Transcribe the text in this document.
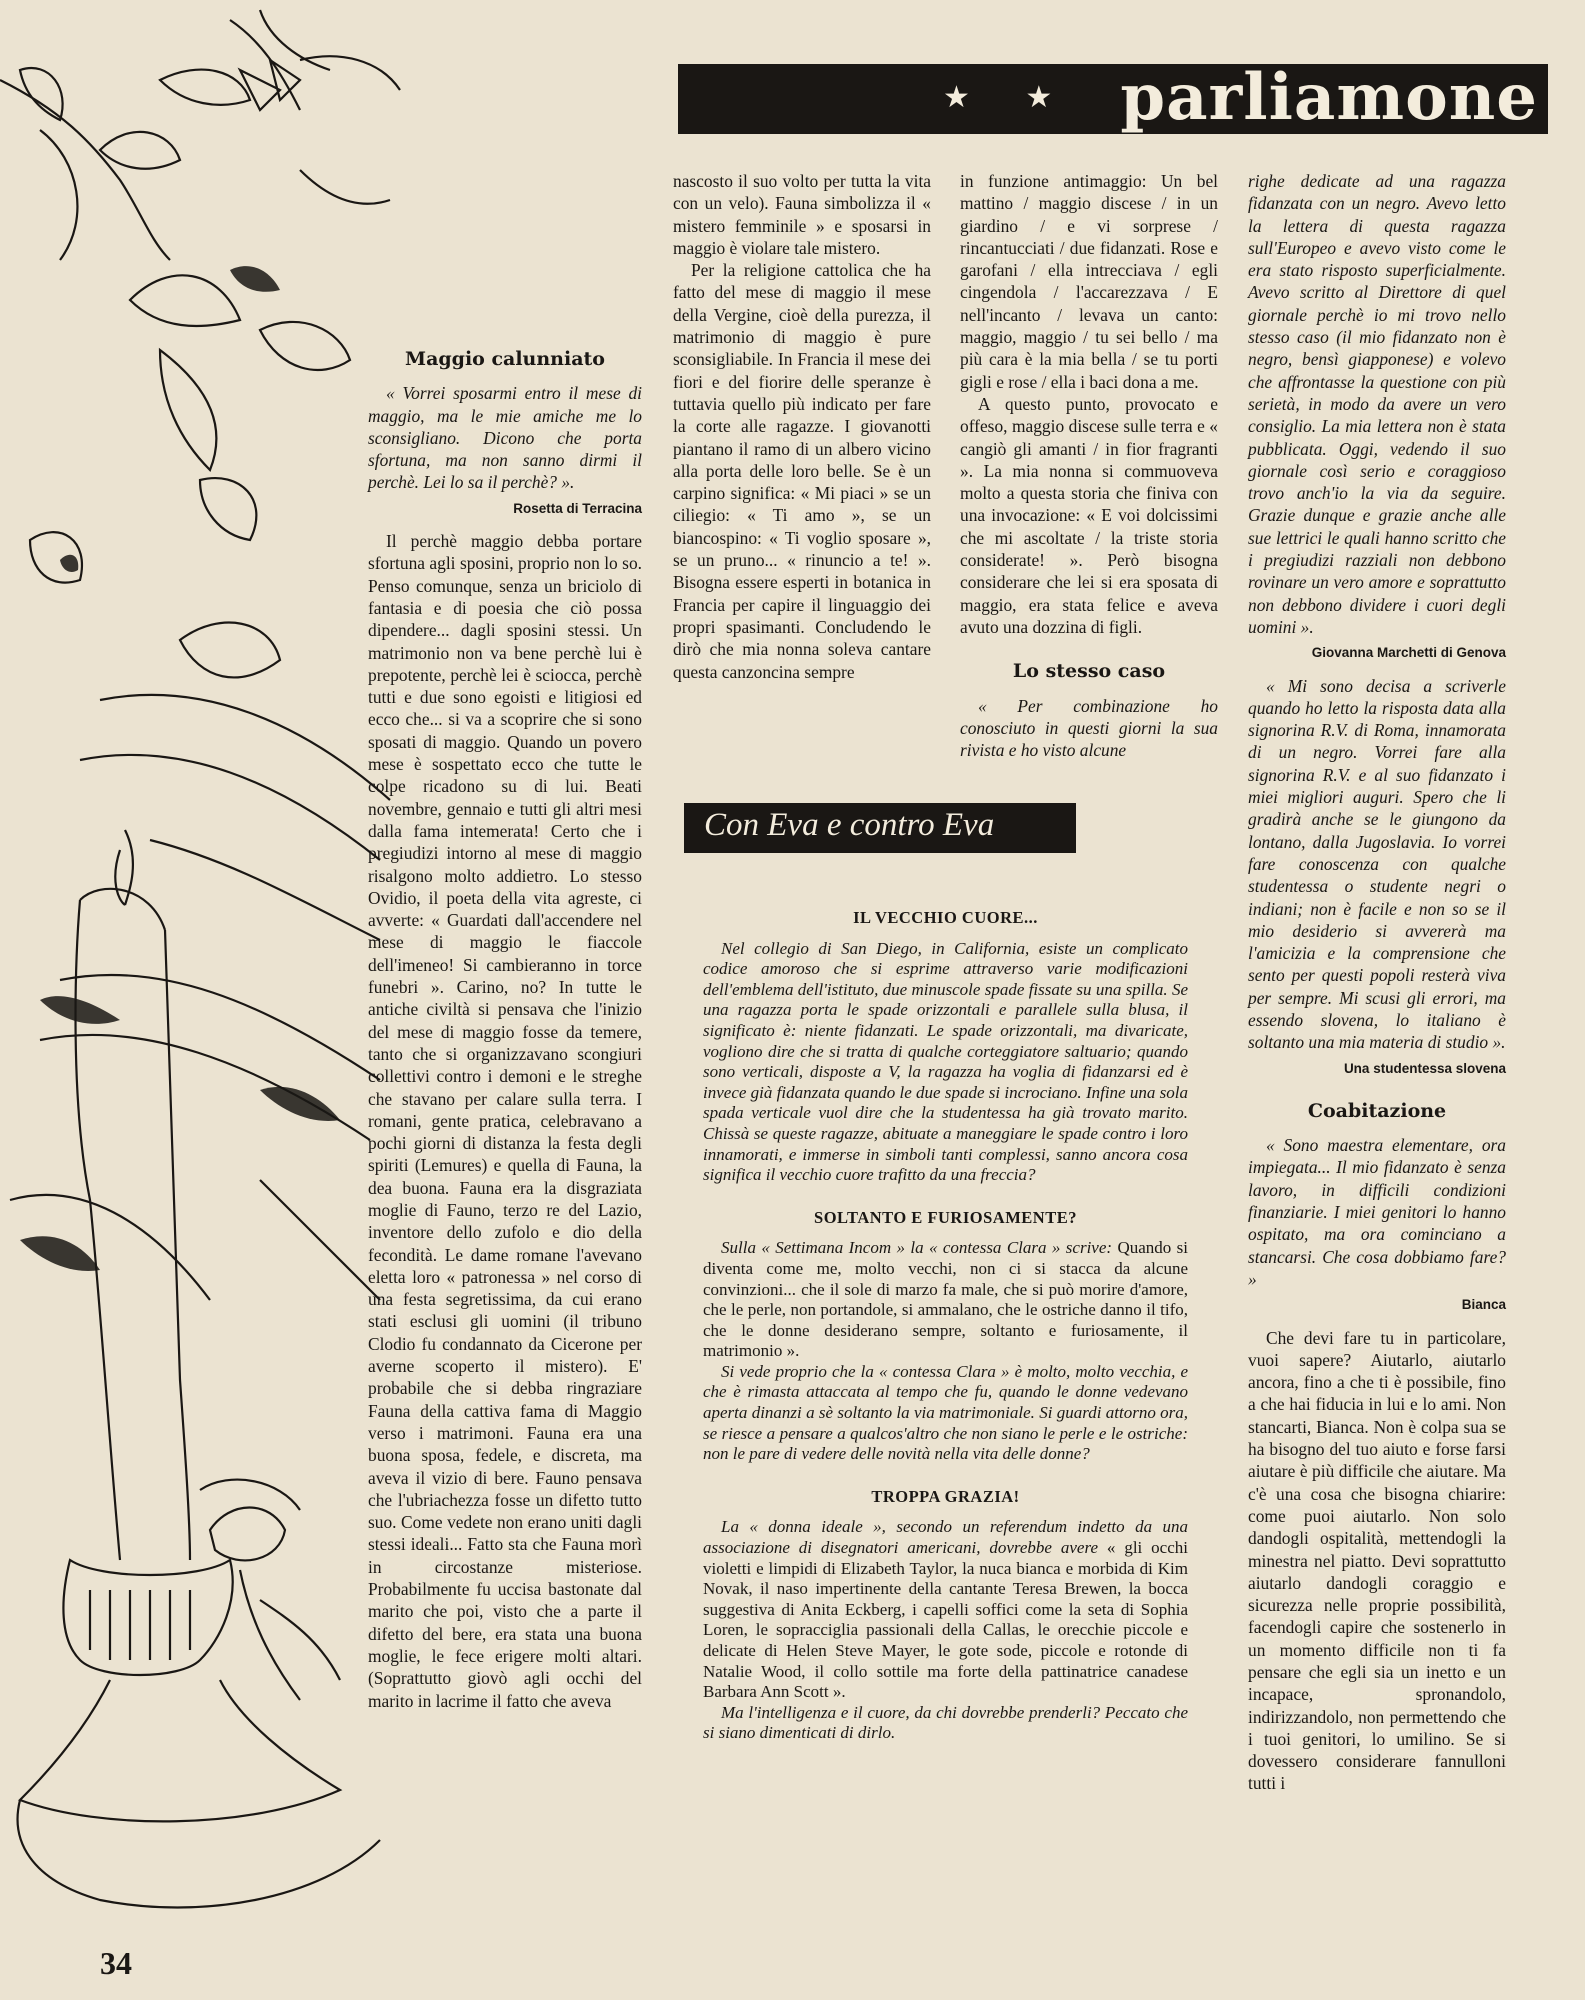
★ ★ parliamone
Maggio calunniato

« Vorrei sposarmi entro il mese di maggio, ma le mie amiche me lo sconsigliano. Dicono che porta sfortuna, ma non sanno dirmi il perchè. Lei lo sa il perchè? ».

Rosetta di Terracina

Il perchè maggio debba portare sfortuna agli sposini, proprio non lo so. Penso comunque, senza un briciolo di fantasia e di poesia che ciò possa dipendere... dagli sposini stessi. Un matrimonio non va bene perchè lui è prepotente, perchè lei è sciocca, perchè tutti e due sono egoisti e litigiosi ed ecco che... si va a scoprire che si sono sposati di maggio. Quando un povero mese è sospettato ecco che tutte le colpe ricadono su di lui. Beati novembre, gennaio e tutti gli altri mesi dalla fama intemerata! Certo che i pregiudizi intorno al mese di maggio risalgono molto addietro. Lo stesso Ovidio, il poeta della vita agreste, ci avverte: « Guardati dall'accendere nel mese di maggio le fiaccole dell'imeneo! Si cambieranno in torce funebri ». Carino, no? In tutte le antiche civiltà si pensava che l'inizio del mese di maggio fosse da temere, tanto che si organizzavano scongiuri collettivi contro i demoni e le streghe che stavano per calare sulla terra. I romani, gente pratica, celebravano a pochi giorni di distanza la festa degli spiriti (Lemures) e quella di Fauna, la dea buona. Fauna era la disgraziata moglie di Fauno, terzo re del Lazio, inventore dello zufolo e dio della fecondità. Le dame romane l'avevano eletta loro « patronessa » nel corso di una festa segretissima, da cui erano stati esclusi gli uomini (il tribuno Clodio fu condannato da Cicerone per averne scoperto il mistero). E' probabile che si debba ringraziare Fauna della cattiva fama di Maggio verso i matrimoni. Fauna era una buona sposa, fedele, e discreta, ma aveva il vizio di bere. Fauno pensava che l'ubriachezza fosse un difetto tutto suo. Come vedete non erano uniti dagli stessi ideali... Fatto sta che Fauna morì in circostanze misteriose. Probabilmente fu uccisa bastonate dal marito che poi, visto che a parte il difetto del bere, era stata una buona moglie, le fece erigere molti altari. (Soprattutto giovò agli occhi del marito in lacrime il fatto che aveva

nascosto il suo volto per tutta la vita con un velo). Fauna simbolizza il « mistero femminile » e sposarsi in maggio è violare tale mistero.

Per la religione cattolica che ha fatto del mese di maggio il mese della Vergine, cioè della purezza, il matrimonio di maggio è pure sconsigliabile. In Francia il mese dei fiori e del fiorire delle speranze è tuttavia quello più indicato per fare la corte alle ragazze. I giovanotti piantano il ramo di un albero vicino alla porta delle loro belle. Se è un carpino significa: « Mi piaci » se un ciliegio: « Ti amo », se un biancospino: « Ti voglio sposare », se un pruno... « rinuncio a te! ». Bisogna essere esperti in botanica in Francia per capire il linguaggio dei propri spasimanti. Concludendo le dirò che mia nonna soleva cantare questa canzoncina sempre

in funzione antimaggio: Un bel mattino / maggio discese / in un giardino / e vi sorprese / rincantucciati / due fidanzati. Rose e garofani / ella intrecciava / egli cingendola / l'accarezzava / E nell'incanto / levava un canto: maggio, maggio / tu sei bello / ma più cara è la mia bella / se tu porti gigli e rose / ella i baci dona a me.

A questo punto, provocato e offeso, maggio discese sulle terra e « cangiò gli amanti / in fior fragranti ». La mia nonna si commuoveva molto a questa storia che finiva con una invocazione: « E voi dolcissimi che mi ascoltate / la triste storia considerate! ». Però bisogna considerare che lei si era sposata di maggio, era stata felice e aveva avuto una dozzina di figli.

Lo stesso caso

« Per combinazione ho conosciuto in questi giorni la sua rivista e ho visto alcune

righe dedicate ad una ragazza fidanzata con un negro. Avevo letto la lettera di questa ragazza sull'Europeo e avevo visto come le era stato risposto superficialmente. Avevo scritto al Direttore di quel giornale perchè io mi trovo nello stesso caso (il mio fidanzato non è negro, bensì giapponese) e volevo che affrontasse la questione con più serietà, in modo da avere un vero consiglio. La mia lettera non è stata pubblicata. Oggi, vedendo il suo giornale così serio e coraggioso trovo anch'io la via da seguire. Grazie dunque e grazie anche alle sue lettrici le quali hanno scritto che i pregiudizi razziali non debbono rovinare un vero amore e soprattutto non debbono dividere i cuori degli uomini ».

Giovanna Marchetti di Genova

« Mi sono decisa a scriverle quando ho letto la risposta data alla signorina R.V. di Roma, innamorata di un negro. Vorrei fare alla signorina R.V. e al suo fidanzato i miei migliori auguri. Spero che li gradirà anche se le giungono da lontano, dalla Jugoslavia. Io vorrei fare conoscenza con qualche studentessa o studente negri o indiani; non è facile e non so se il mio desiderio si avvererà ma l'amicizia e la comprensione che sento per questi popoli resterà viva per sempre. Mi scusi gli errori, ma essendo slovena, lo italiano è soltanto una mia materia di studio ».

Una studentessa slovena
Coabitazione

« Sono maestra elementare, ora impiegata... Il mio fidanzato è senza lavoro, in difficili condizioni finanziarie. I miei genitori lo hanno ospitato, ma ora cominciano a stancarsi. Che cosa dobbiamo fare? »

Bianca

Che devi fare tu in particolare, vuoi sapere? Aiutarlo, aiutarlo ancora, fino a che ti è possibile, fino a che hai fiducia in lui e lo ami. Non stancarti, Bianca. Non è colpa sua se ha bisogno del tuo aiuto e forse farsi aiutare è più difficile che aiutare. Ma c'è una cosa che bisogna chiarire: come puoi aiutarlo. Non solo dandogli ospitalità, mettendogli la minestra nel piatto. Devi soprattutto aiutarlo dandogli coraggio e sicurezza nelle proprie possibilità, facendogli capire che sostenerlo in un momento difficile non ti fa pensare che egli sia un inetto e un incapace, spronandolo, indirizzandolo, non permettendo che i tuoi genitori, lo umilino. Se si dovessero considerare fannulloni tutti i

Con Eva e contro Eva
IL VECCHIO CUORE...

Nel collegio di San Diego, in California, esiste un complicato codice amoroso che si esprime attraverso varie modificazioni dell'emblema dell'istituto, due minuscole spade fissate su una spilla. Se una ragazza porta le spade orizzontali e parallele sulla blusa, il significato è: niente fidanzati. Le spade orizzontali, ma divaricate, vogliono dire che si tratta di qualche corteggiatore saltuario; quando sono verticali, disposte a V, la ragazza ha voglia di fidanzarsi ed è invece già fidanzata quando le due spade si incrociano. Infine una sola spada verticale vuol dire che la studentessa ha già trovato marito. Chissà se queste ragazze, abituate a maneggiare le spade contro i loro innamorati, e immerse in simboli tanti complessi, sanno ancora cosa significa il vecchio cuore trafitto da una freccia?

SOLTANTO E FURIOSAMENTE?

Sulla « Settimana Incom » la « contessa Clara » scrive: Quando si diventa come me, molto vecchi, non ci si stacca da alcune convinzioni... che il sole di marzo fa male, che si può morire d'amore, che le perle, non portandole, si ammalano, che le ostriche danno il tifo, che le donne desiderano sempre, soltanto e furiosamente, il matrimonio ».

Si vede proprio che la « contessa Clara » è molto, molto vecchia, e che è rimasta attaccata al tempo che fu, quando le donne vedevano aperta dinanzi a sè soltanto la via matrimoniale. Si guardi attorno ora, se riesce a pensare a qualcos'altro che non siano le perle e le ostriche: non le pare di vedere delle novità nella vita delle donne?

TROPPA GRAZIA!

La « donna ideale », secondo un referendum indetto da una associazione di disegnatori americani, dovrebbe avere « gli occhi violetti e limpidi di Elizabeth Taylor, la nuca bianca e morbida di Kim Novak, il naso impertinente della cantante Teresa Brewen, la bocca suggestiva di Anita Eckberg, i capelli soffici come la seta di Sophia Loren, le sopracciglia passionali della Callas, le orecchie piccole e delicate di Helen Steve Mayer, le gote sode, piccole e rotonde di Natalie Wood, il collo sottile ma forte della pattinatrice canadese Barbara Ann Scott ».

Ma l'intelligenza e il cuore, da chi dovrebbe prenderli? Peccato che si siano dimenticati di dirlo.

34
